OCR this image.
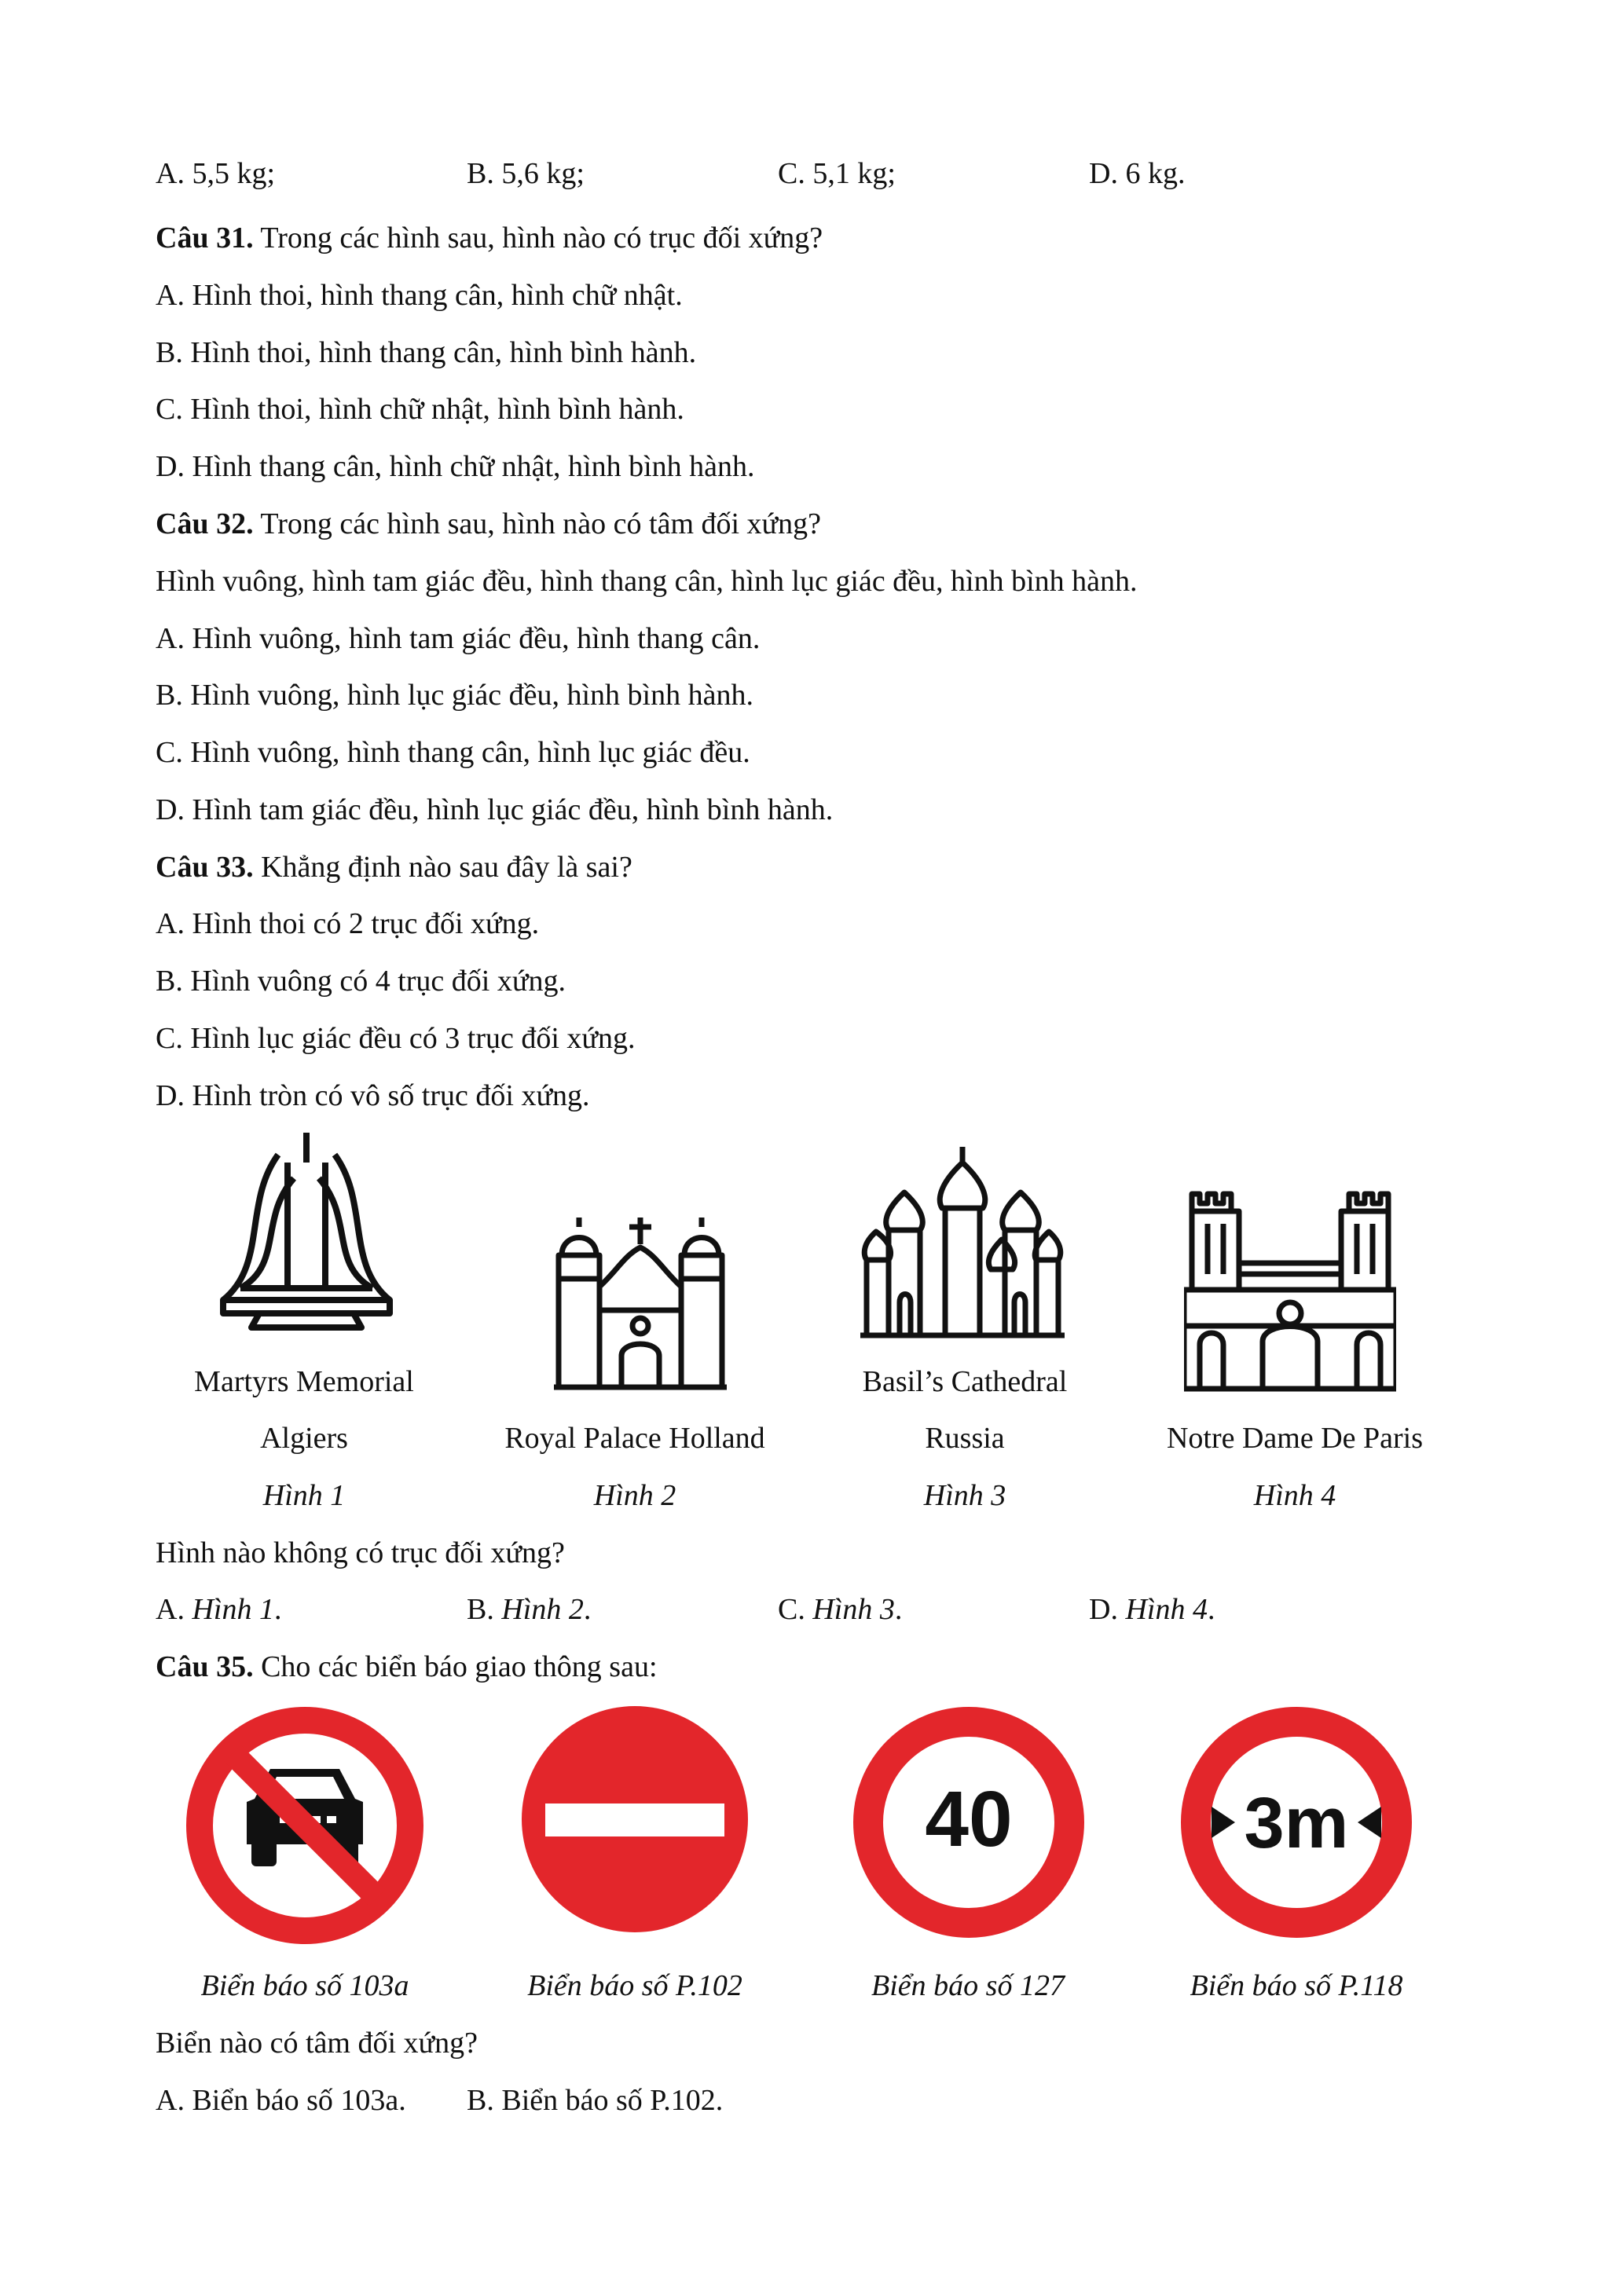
A. 5,5 kg;	B. 5,6 kg;	C. 5,1 kg;	D. 6 kg.
Câu 31. Trong các hình sau, hình nào có trục đối xứng?
A. Hình thoi, hình thang cân, hình chữ nhật.
B. Hình thoi, hình thang cân, hình bình hành.
C. Hình thoi, hình chữ nhật, hình bình hành.
D. Hình thang cân, hình chữ nhật, hình bình hành.
Câu 32. Trong các hình sau, hình nào có tâm đối xứng?
Hình vuông, hình tam giác đều, hình thang cân, hình lục giác đều, hình bình hành.
A. Hình vuông, hình tam giác đều, hình thang cân.
B. Hình vuông, hình lục giác đều, hình bình hành.
C. Hình vuông, hình thang cân, hình lục giác đều.
D. Hình tam giác đều, hình lục giác đều, hình bình hành.
Câu 33. Khẳng định nào sau đây là sai?
A. Hình thoi có 2 trục đối xứng.
B. Hình vuông có 4 trục đối xứng.
C. Hình lục giác đều có 3 trục đối xứng.
D. Hình tròn có vô số trục đối xứng.
Martyrs Memorial
Algiers
Hình 1
Royal Palace Holland
Hình 2
Basil’s Cathedral
Russia
Hình 3
Notre Dame De Paris
Hình 4
Hình nào không có trục đối xứng?
A. Hình 1.	B. Hình 2.	C. Hình 3.	D. Hình 4.
Câu 35. Cho các biển báo giao thông sau:
40	3m
Biển báo số 103a	Biển báo số P.102	Biển báo số 127	Biển báo số P.118
Biển nào có tâm đối xứng?
A. Biển báo số 103a. B. Biển báo số P.102.
